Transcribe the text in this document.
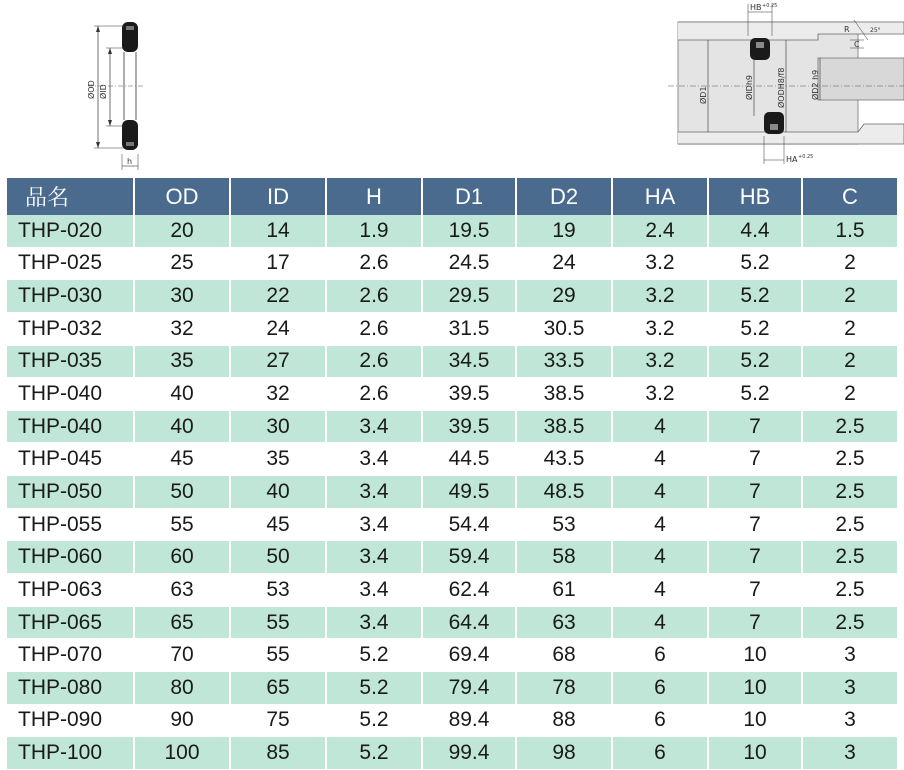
ØOD ØID
h
ØD1	ØIDh9	ØODH8/f8	ØD2 h9
HB +0.25
HA +0.25
R	25°
C
品名	OD	ID	H	D1	D2	HA	HB	C
THP-020	20	14	1.9	19.5	19	2.4	4.4	1.5
THP-025	25	17	2.6	24.5	24	3.2	5.2	2
THP-030	30	22	2.6	29.5	29	3.2	5.2	2
THP-032	32	24	2.6	31.5	30.5	3.2	5.2	2
THP-035	35	27	2.6	34.5	33.5	3.2	5.2	2
THP-040	40	32	2.6	39.5	38.5	3.2	5.2	2
THP-040	40	30	3.4	39.5	38.5	4	7	2.5
THP-045	45	35	3.4	44.5	43.5	4	7	2.5
THP-050	50	40	3.4	49.5	48.5	4	7	2.5
THP-055	55	45	3.4	54.4	53	4	7	2.5
THP-060	60	50	3.4	59.4	58	4	7	2.5
THP-063	63	53	3.4	62.4	61	4	7	2.5
THP-065	65	55	3.4	64.4	63	4	7	2.5
THP-070	70	55	5.2	69.4	68	6	10	3
THP-080	80	65	5.2	79.4	78	6	10	3
THP-090	90	75	5.2	89.4	88	6	10	3
THP-100	100	85	5.2	99.4	98	6	10	3
